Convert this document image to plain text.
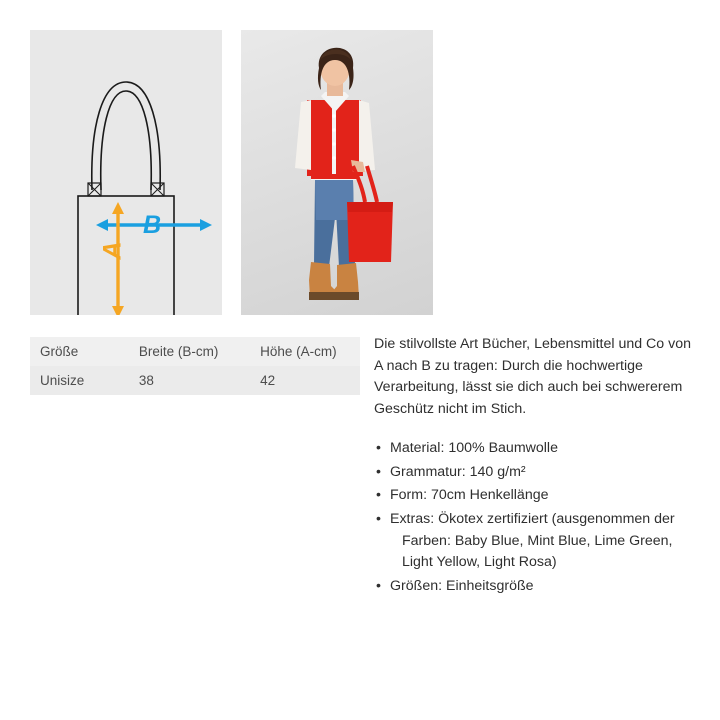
B
A
Größe	Breite (B-cm)	Höhe (A-cm)
Unisize	38	42

Die stilvollste Art Bücher, Lebensmittel und Co von A nach B zu tragen: Durch die hochwertige Verarbeitung, lässt sie dich auch bei schwererem Geschütz nicht im Stich.

• Material: 100% Baumwolle
• Grammatur: 140 g/m²
• Form: 70cm Henkellänge
• Extras: Ökotex zertifiziert (ausgenommen der
Farben: Baby Blue, Mint Blue, Lime Green, Light Yellow, Light Rosa)
• Größen: Einheitsgröße
